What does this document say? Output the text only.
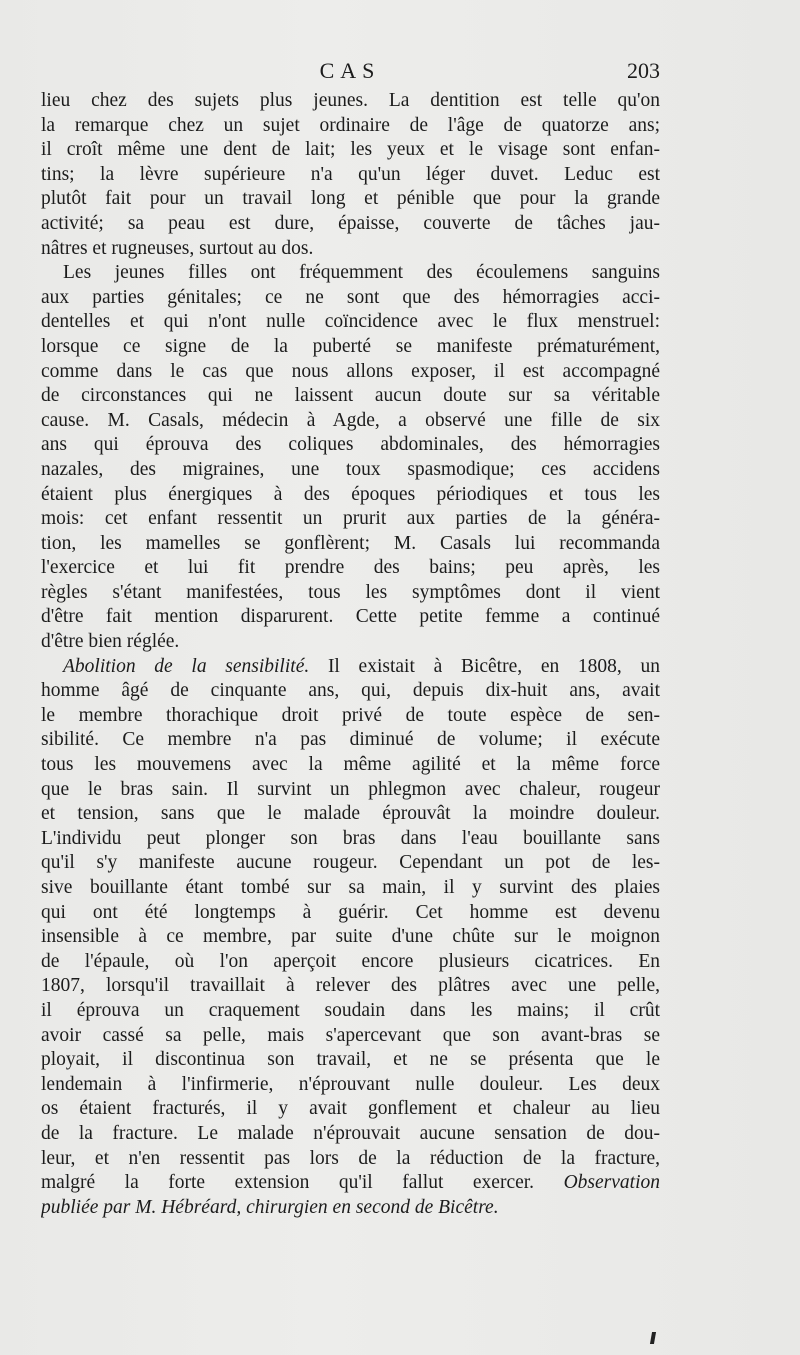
CAS	203
lieu chez des sujets plus jeunes. La dentition est telle qu'on
la remarque chez un sujet ordinaire de l'âge de quatorze ans;
il croît même une dent de lait; les yeux et le visage sont enfan-
tins; la lèvre supérieure n'a qu'un léger duvet. Leduc est
plutôt fait pour un travail long et pénible que pour la grande
activité; sa peau est dure, épaisse, couverte de tâches jau-
nâtres et rugneuses, surtout au dos.
Les jeunes filles ont fréquemment des écoulemens sanguins
aux parties génitales; ce ne sont que des hémorragies acci-
dentelles et qui n'ont nulle coïncidence avec le flux menstruel:
lorsque ce signe de la puberté se manifeste prématurément,
comme dans le cas que nous allons exposer, il est accompagné
de circonstances qui ne laissent aucun doute sur sa véritable
cause. M. Casals, médecin à Agde, a observé une fille de six
ans qui éprouva des coliques abdominales, des hémorragies
nazales, des migraines, une toux spasmodique; ces accidens
étaient plus énergiques à des époques périodiques et tous les
mois: cet enfant ressentit un prurit aux parties de la généra-
tion, les mamelles se gonflèrent; M. Casals lui recommanda
l'exercice et lui fit prendre des bains; peu après, les
règles s'étant manifestées, tous les symptômes dont il vient
d'être fait mention disparurent. Cette petite femme a continué
d'être bien réglée.
Abolition de la sensibilité. Il existait à Bicêtre, en 1808, un
homme âgé de cinquante ans, qui, depuis dix-huit ans, avait
le membre thorachique droit privé de toute espèce de sen-
sibilité. Ce membre n'a pas diminué de volume; il exécute
tous les mouvemens avec la même agilité et la même force
que le bras sain. Il survint un phlegmon avec chaleur, rougeur
et tension, sans que le malade éprouvât la moindre douleur.
L'individu peut plonger son bras dans l'eau bouillante sans
qu'il s'y manifeste aucune rougeur. Cependant un pot de les-
sive bouillante étant tombé sur sa main, il y survint des plaies
qui ont été longtemps à guérir. Cet homme est devenu
insensible à ce membre, par suite d'une chûte sur le moignon
de l'épaule, où l'on aperçoit encore plusieurs cicatrices. En
1807, lorsqu'il travaillait à relever des plâtres avec une pelle,
il éprouva un craquement soudain dans les mains; il crût
avoir cassé sa pelle, mais s'apercevant que son avant-bras se
ployait, il discontinua son travail, et ne se présenta que le
lendemain à l'infirmerie, n'éprouvant nulle douleur. Les deux
os étaient fracturés, il y avait gonflement et chaleur au lieu
de la fracture. Le malade n'éprouvait aucune sensation de dou-
leur, et n'en ressentit pas lors de la réduction de la fracture,
malgré la forte extension qu'il fallut exercer. Observation
publiée par M. Hébréard, chirurgien en second de Bicêtre.
